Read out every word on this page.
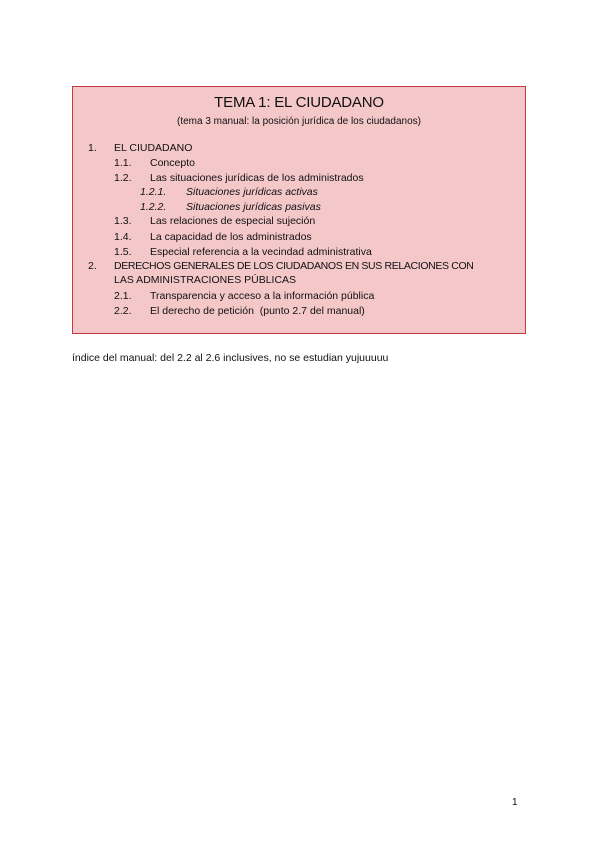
TEMA 1: EL CIUDADANO
(tema 3 manual: la posición jurídica de los ciudadanos)
1. EL CIUDADANO
1.1. Concepto
1.2. Las situaciones jurídicas de los administrados
1.2.1. Situaciones jurídicas activas
1.2.2. Situaciones jurídicas pasivas
1.3. Las relaciones de especial sujeción
1.4. La capacidad de los administrados
1.5. Especial referencia a la vecindad administrativa
2. DERECHOS GENERALES DE LOS CIUDADANOS EN SUS RELACIONES CON
LAS ADMINISTRACIONES PÚBLICAS
2.1. Transparencia y acceso a la información pública
2.2. El derecho de petición  (punto 2.7 del manual)
índice del manual: del 2.2 al 2.6 inclusives, no se estudian yujuuuuu
1
